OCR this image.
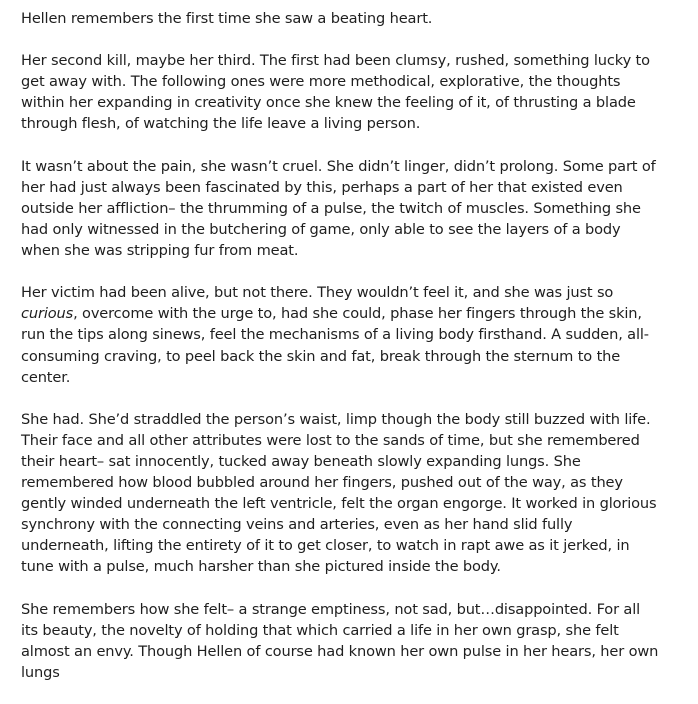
Hellen remembers the first time she saw a beating heart.

Her second kill, maybe her third. The first had been clumsy, rushed, something lucky to get away with. The following ones were more methodical, explorative, the thoughts within her expanding in creativity once she knew the feeling of it, of thrusting a blade through flesh, of watching the life leave a living person.

It wasn’t about the pain, she wasn’t cruel. She didn’t linger, didn’t prolong. Some part of her had just always been fascinated by this, perhaps a part of her that existed even outside her affliction– the thrumming of a pulse, the twitch of muscles. Something she had only witnessed in the butchering of game, only able to see the layers of a body when she was stripping fur from meat.

Her victim had been alive, but not there. They wouldn’t feel it, and she was just so curious, overcome with the urge to, had she could, phase her fingers through the skin, run the tips along sinews, feel the mechanisms of a living body firsthand. A sudden, all-consuming craving, to peel back the skin and fat, break through the sternum to the center.

She had. She’d straddled the person’s waist, limp though the body still buzzed with life. Their face and all other attributes were lost to the sands of time, but she remembered their heart– sat innocently, tucked away beneath slowly expanding lungs. She remembered how blood bubbled around her fingers, pushed out of the way, as they gently winded underneath the left ventricle, felt the organ engorge. It worked in glorious synchrony with the connecting veins and arteries, even as her hand slid fully underneath, lifting the entirety of it to get closer, to watch in rapt awe as it jerked, in tune with a pulse, much harsher than she pictured inside the body.

She remembers how she felt– a strange emptiness, not sad, but…disappointed. For all its beauty, the novelty of holding that which carried a life in her own grasp, she felt almost an envy. Though Hellen of course had known her own pulse in her hears, her own lungs
